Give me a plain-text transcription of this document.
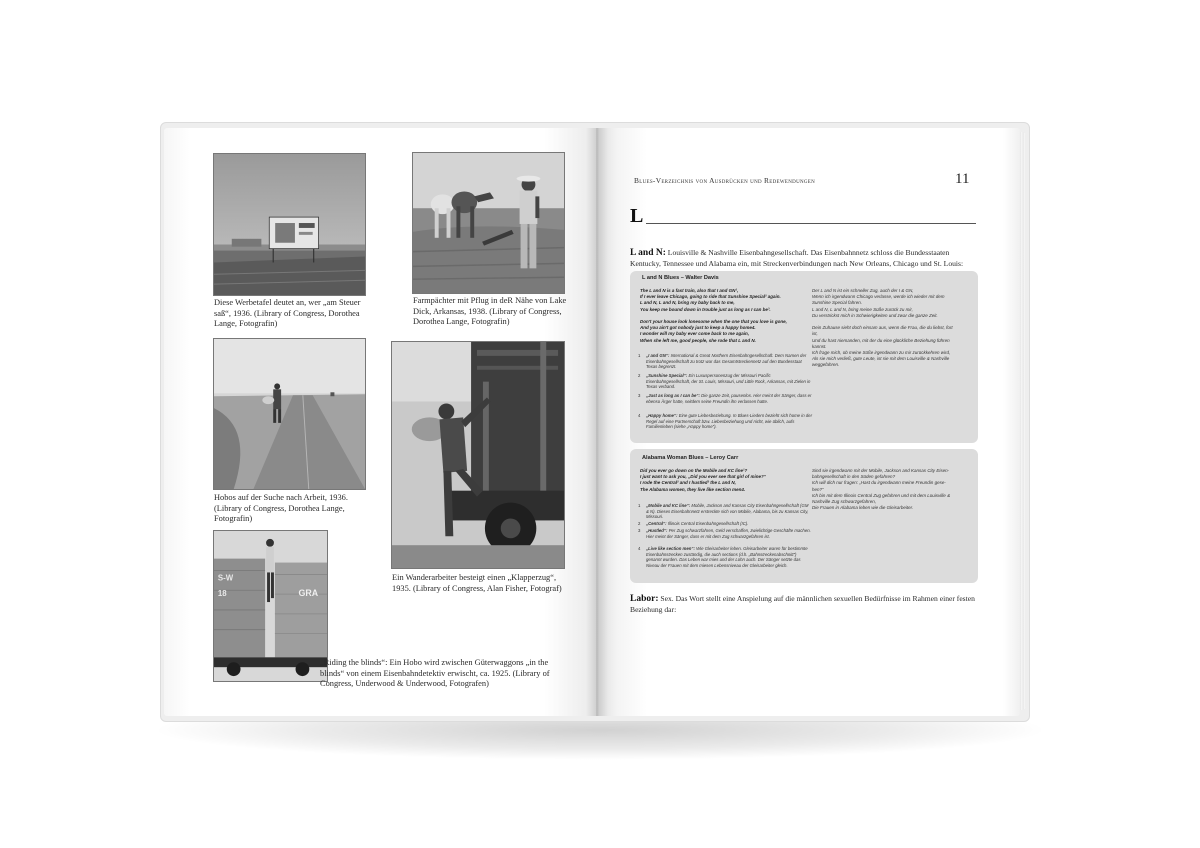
Diese Werbetafel deutet an, wer „am Steuer saß“, 1936. (Library of Congress, Dorothea Lange, Fotografin)
Farmpächter mit Pflug in deR Nähe von Lake Dick, Arkansas, 1938. (Library of Congress, Dorothea Lange, Fotografin)
Hobos auf der Suche nach Arbeit, 1936. (Library of Congress, Dorothea Lange, Fotografin)
Ein Wanderarbeiter besteigt einen „Klapperzug“, 1935. (Library of Congress, Alan Fisher, Fotograf)
S-W
18	GRA
„Riding the blinds“: Ein Hobo wird zwischen Güterwaggons „in the blinds“ von einem Eisenbahndetektiv erwischt, ca. 1925. (Library of Congress, Underwood & Underwood, Fotografen)
Blues-Verzeichnis von Ausdrücken und Redewendungen	11
L
L and N: Louisville & Nashville Eisenbahngesellschaft. Das Eisenbahnnetz schloss die Bundesstaaten Kentucky, Tennessee und Alabama ein, mit Streckenverbindungen nach New Orleans, Chicago und St. Louis:
L and N Blues – Walter Davis
The L and N is a fast train, also that I and GN¹,
If I ever leave Chicago, going to ride that Sunshine Special² again.
L and N, L and N, bring my baby back to me,
You keep me bound down in trouble just as long as I can be³.

Don't your house look lonesome when the one that you love is gone,
And you ain't got nobody just to keep a happy home4.
I wonder will my baby ever come back to me again,
When she left me, good people, she rode that L and N.
Der L and N ist ein schneller Zug, auch der I & GN,
Wenn ich irgendwann Chicago verlasse, werde ich wieder mit dem
Sunshine Special fahren.
L and N, L and N, bring meine Süße zurück zu mir,
Du verstrickst mich in Schwierigkeiten und zwar die ganze Zeit.

Dein Zuhause sieht doch einsam aus, wenn die Frau, die du liebst, fort
ist,
Und du hast niemanden, mit der du eine glückliche Beziehung führen
kannst.
Ich frage mich, ob meine Süße irgendwann zu mir zurückkehren wird,
Als sie mich verließ, gute Leute, ist sie mit dem Louisville & Nashville
weggefahren.
1 „I and GN“: International & Great Northern Eisenbahngesellschaft. Dem Namen der Eisenbahngesellschaft zu trotz war das Gesamtstreckennetz auf den Bundesstaat Texas begrenzt.
2 „Sunshine Special“: Ein Luxuspersonenzug der Missouri Pacific Eisenbahngesellschaft, der St. Louis, Missouri, und Little Rock, Arkansas, mit Zielen in Texas verband.
3 „Just as long as I can be“: Die ganze Zeit, pausenlos. Hier meint der Sänger, dass er ebenso Ärger hatte, seitdem seine Freundin ihn verlassen hatte.
4 „Happy home“: Eine gute Liebesbeziehung. In Blues-Liedern bezieht sich home in der Regel auf eine Partnerschaft bzw. Liebesbeziehung und nicht, wie üblich, aufs Familienleben (siehe „Happy home“).
Alabama Woman Blues – Leroy Carr
Did you ever go down on the Mobile and KC line¹?
I just want to ask you, „Did you ever see that girl of mine?“
I rode the Central² and I hustled³ the L and N,
The Alabama women, they live like section men4.
Sind sie irgendwann mit der Mobile, Jackson and Kansas City Eisen-
bahngesellschaft in den Süden gefahren?
Ich will dich nur fragen: „Hast du irgendwann meine Freundin gese-
hen?“
Ich bin mit dem Illinois Central Zug gefahren und mit dem Louisville &
Nashville Zug schwarzgefahren,
Die Frauen in Alabama leben wie die Gleisarbeiter.
1 „Mobile and KC line“: Mobile, Jackson and Kansas City Eisenbahngesellschaft (GM & N). Dieses Eisenbahnnetz erstreckte sich von Mobile, Alabama, bis zu Kansas City, Missouri.
2 „Central“: Illinois Central Eisenbahngesellschaft (IC).
3 „Hustled“: Per Zug schwarzfahren, Geld verschaffen, zwielichtige Geschäfte machen. Hier meint der Sänger, dass er mit dem Zug schwarzgefahren ist.
4 „Live like section men“: Wie Gleisarbeiter leben. Gleisarbeiter waren für bestimmte Eisenbahnstrecken zuständig, die auch sections (d.h. „Bahnstreckenabschnitt“) genannt wurden. Das Leben war mies und der Lohn auch. Der Sänger setzte das Niveau der Frauen mit dem miesen Lebensniveau der Gleisarbeiter gleich.
Labor: Sex. Das Wort stellt eine Anspielung auf die männlichen sexuellen Bedürfnisse im Rahmen einer festen Beziehung dar:
